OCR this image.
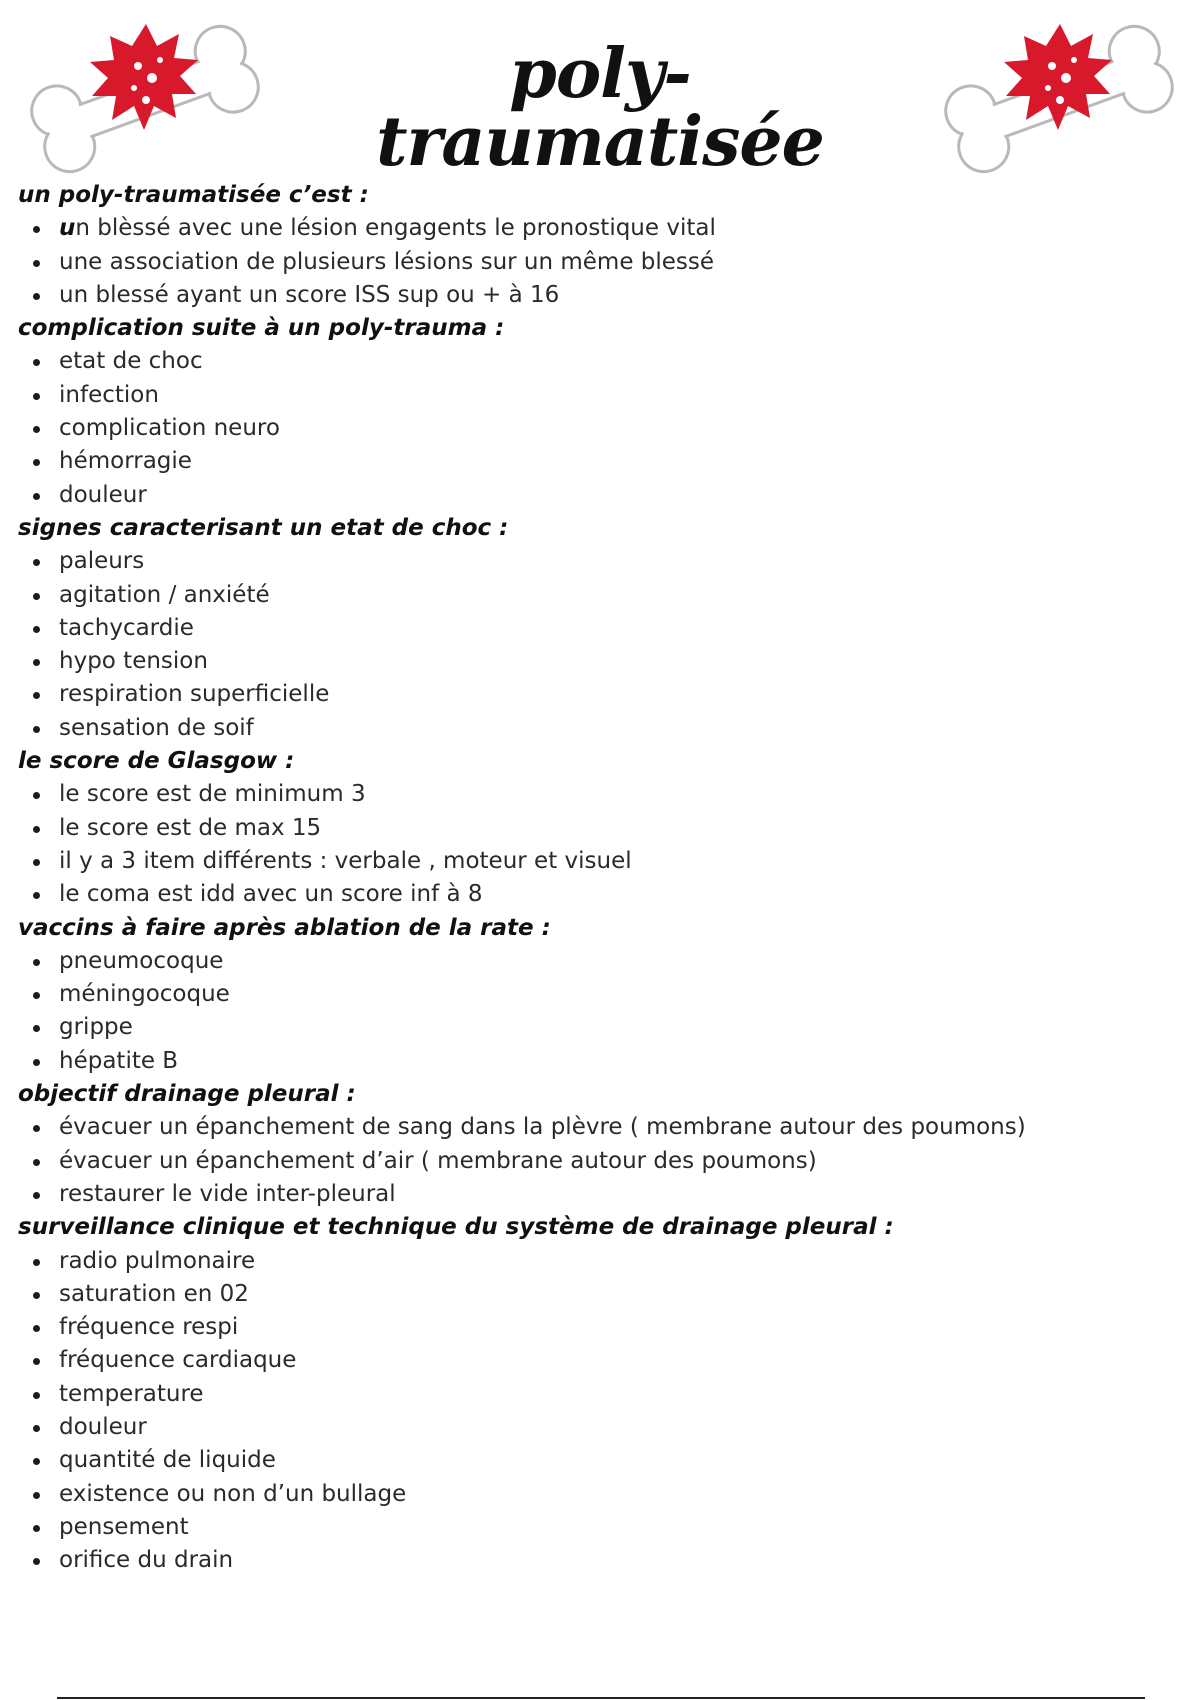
poly-traumatisée
un poly-traumatisée c’est :
un blèssé avec une lésion engagents le pronostique vital
une association de plusieurs lésions sur un même blessé
un blessé ayant un score ISS sup ou + à 16
complication suite à un poly-trauma :
etat de choc
infection
complication neuro
hémorragie
douleur
signes caracterisant un etat de choc :
paleurs
agitation / anxiété
tachycardie
hypo tension
respiration superficielle
sensation de soif
le score de Glasgow :
le score est de minimum 3
le score est de max 15
il y a 3 item différents : verbale , moteur et visuel
le coma est idd avec un score inf à 8
vaccins à faire après ablation de la rate :
pneumocoque
méningocoque
grippe
hépatite B
objectif drainage pleural :
évacuer un épanchement de sang dans la plèvre ( membrane autour des poumons)
évacuer un épanchement d’air ( membrane autour des poumons)
restaurer le vide inter-pleural
surveillance clinique et technique du système de drainage pleural :
radio pulmonaire
saturation en 02
fréquence respi
fréquence cardiaque
temperature
douleur
quantité de liquide
existence ou non d’un bullage
pensement
orifice du drain
